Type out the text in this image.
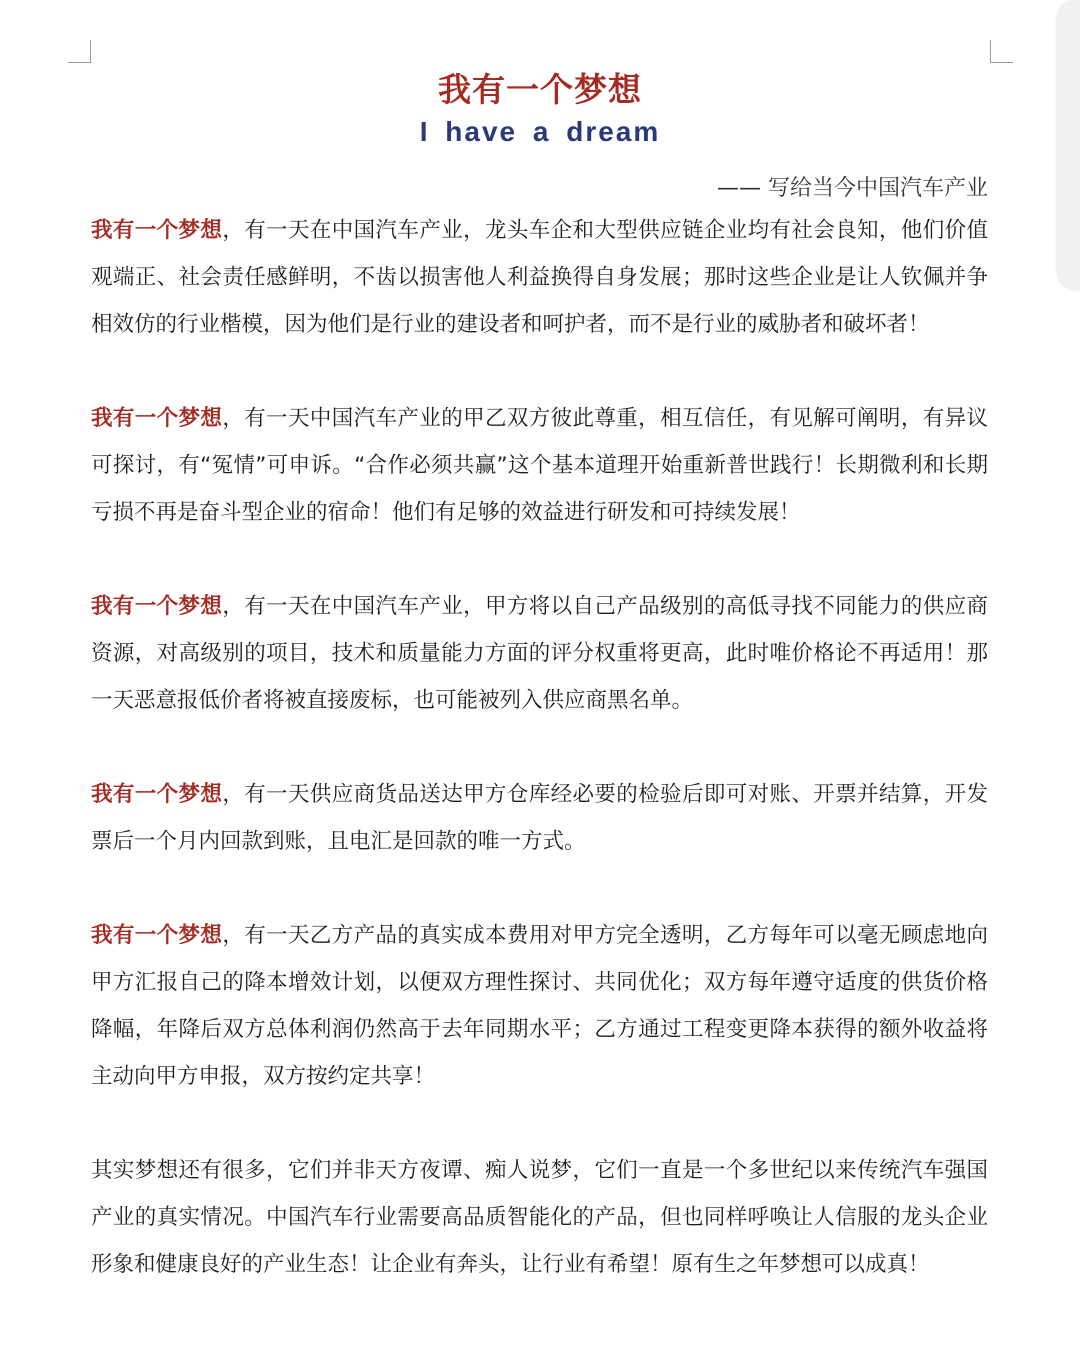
我有一个梦想
I have a dream
—— 写给当今中国汽车产业

我有一个梦想，有一天在中国汽车产业，龙头车企和大型供应链企业均有社会良知，他们价值观端正、社会责任感鲜明，不齿以损害他人利益换得自身发展；那时这些企业是让人钦佩并争相效仿的行业楷模，因为他们是行业的建设者和呵护者，而不是行业的威胁者和破坏者！

我有一个梦想，有一天中国汽车产业的甲乙双方彼此尊重，相互信任，有见解可阐明，有异议可探讨，有“冤情”可申诉。“合作必须共赢”这个基本道理开始重新普世践行！长期微利和长期亏损不再是奋斗型企业的宿命！他们有足够的效益进行研发和可持续发展！

我有一个梦想，有一天在中国汽车产业，甲方将以自己产品级别的高低寻找不同能力的供应商资源，对高级别的项目，技术和质量能力方面的评分权重将更高，此时唯价格论不再适用！那一天恶意报低价者将被直接废标，也可能被列入供应商黑名单。

我有一个梦想，有一天供应商货品送达甲方仓库经必要的检验后即可对账、开票并结算，开发票后一个月内回款到账，且电汇是回款的唯一方式。

我有一个梦想，有一天乙方产品的真实成本费用对甲方完全透明，乙方每年可以毫无顾虑地向甲方汇报自己的降本增效计划，以便双方理性探讨、共同优化；双方每年遵守适度的供货价格降幅，年降后双方总体利润仍然高于去年同期水平；乙方通过工程变更降本获得的额外收益将主动向甲方申报，双方按约定共享！

其实梦想还有很多，它们并非天方夜谭、痴人说梦，它们一直是一个多世纪以来传统汽车强国产业的真实情况。中国汽车行业需要高品质智能化的产品，但也同样呼唤让人信服的龙头企业形象和健康良好的产业生态！让企业有奔头，让行业有希望！原有生之年梦想可以成真！
